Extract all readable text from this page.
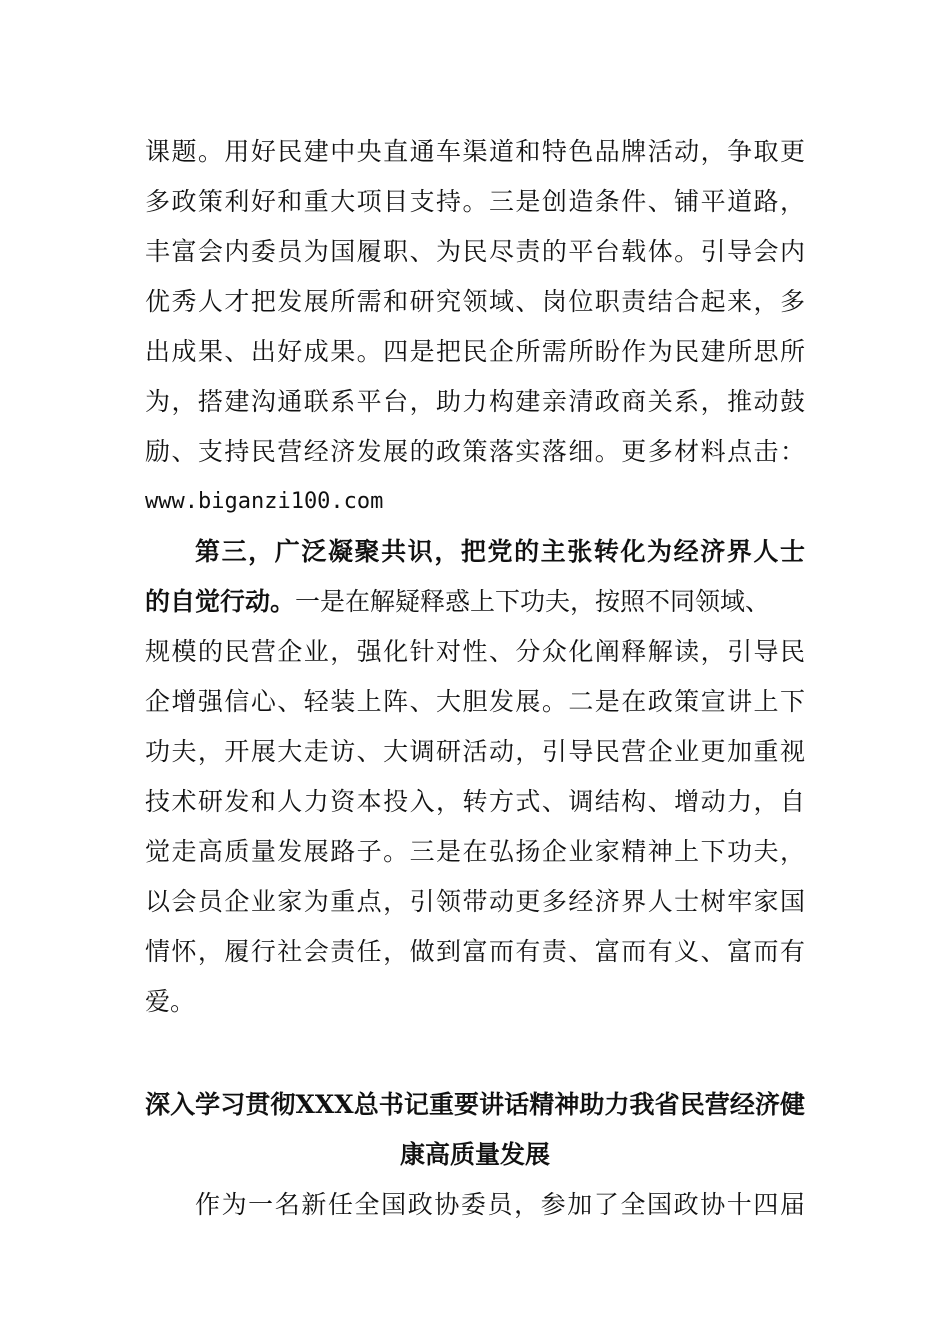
课题。用好民建中央直通车渠道和特色品牌活动，争取更
多政策利好和重大项目支持。三是创造条件、铺平道路，
丰富会内委员为国履职、为民尽责的平台载体。引导会内
优秀人才把发展所需和研究领域、岗位职责结合起来，多
出成果、出好成果。四是把民企所需所盼作为民建所思所
为，搭建沟通联系平台，助力构建亲清政商关系，推动鼓
励、支持民营经济发展的政策落实落细。更多材料点击：
www.biganzi100.com
第三，广泛凝聚共识，把党的主张转化为经济界人士
的自觉行动。一是在解疑释惑上下功夫，按照不同领域、
规模的民营企业，强化针对性、分众化阐释解读，引导民
企增强信心、轻装上阵、大胆发展。二是在政策宣讲上下
功夫，开展大走访、大调研活动，引导民营企业更加重视
技术研发和人力资本投入，转方式、调结构、增动力，自
觉走高质量发展路子。三是在弘扬企业家精神上下功夫，
以会员企业家为重点，引领带动更多经济界人士树牢家国
情怀，履行社会责任，做到富而有责、富而有义、富而有
爱。
深入学习贯彻XXX总书记重要讲话精神助力我省民营经济健
康高质量发展
作为一名新任全国政协委员，参加了全国政协十四届
